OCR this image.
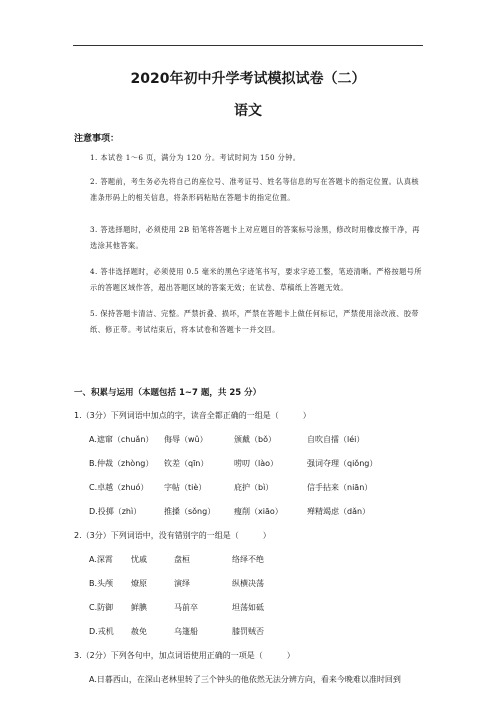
2020年初中升学考试模拟试卷（二）
语文
注意事项：
1. 本试卷 1～6 页，满分为 120 分。考试时间为 150 分钟。
2. 答题前，考生务必先将自己的座位号、准考证号、姓名等信息的写在答题卡的指定位置。认真核准条形码上的相关信息，将条形码粘贴在答题卡的指定位置。
3. 答选择题时，必须使用 2B 铅笔将答题卡上对应题目的答案标号涂黑，修改时用橡皮擦干净，再选涂其他答案。
4. 答非选择题时，必须使用 0.5 毫米的黑色字迹笔书写，要求字迹工整，笔迹清晰。严格按题号所示的答题区域作答，超出答题区域的答案无效；在试卷、草稿纸上答题无效。
5. 保持答题卡清洁、完整。严禁折叠、损坏，严禁在答题卡上做任何标记，严禁使用涂改液、胶带纸、修正带。考试结束后，将本试卷和答题卡一并交回。
一、积累与运用（本题包括 1~7 题，共 25 分）
1.（3分）下列词语中加点的字，读音全都正确的一组是（　　　）
A.遮窜（chuǎn） 侮辱（wǔ）	颁戴（bǒ）	自吹自擂（léi）
B.仲裁（zhòng） 钦差（qīn）	唠叨（lào）	强词夺理（qiǒng）
C.卓越（zhuó） 字帖（tiè）	庇护（bì）	信手拈来（niān）
D.投掷（zhì）	推搡（sǒng） 瘦削（xiāo）	殚精竭虑（dǎn）
2.（3分）下列词语中，没有错别字的一组是（　　　）
A.深霄 忧戚	盘桓	络绎不绝
B.头颅 燎原	演绎	纵横决荡
C.防御 鲜腆	马前卒	坦荡如砥
D.戎机 赦免	乌篷船	膝罚贼否
3.（2分）下列各句中，加点词语使用正确的一项是（　　　）
A.日暮西山，在深山老林里转了三个钟头的他依然无法分辨方向，看来今晚难以准时回到
